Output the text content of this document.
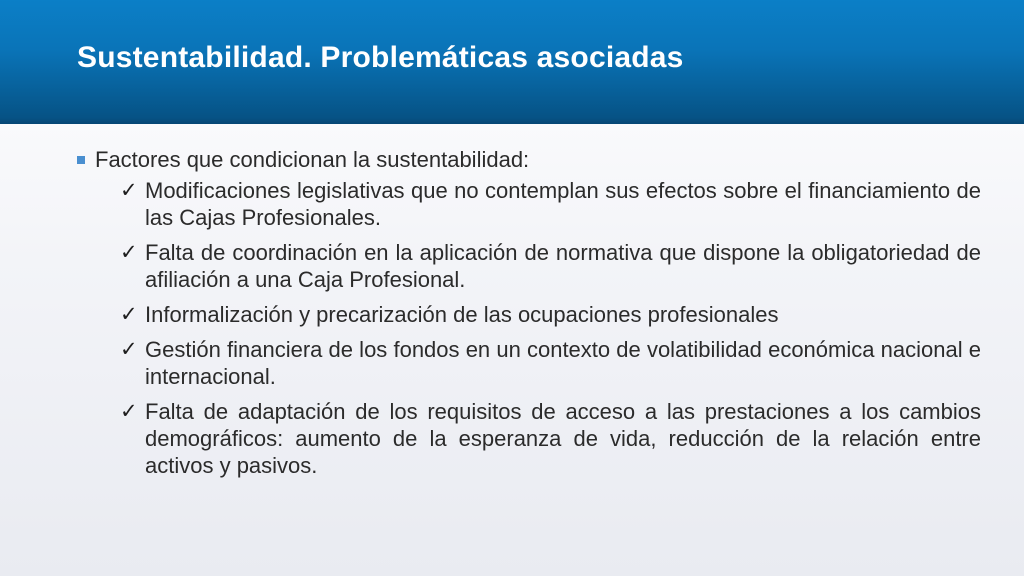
Sustentabilidad. Problemáticas asociadas
Factores que condicionan la sustentabilidad:
✓ Modificaciones legislativas que no contemplan sus efectos sobre el financiamiento de las Cajas Profesionales.
✓ Falta de coordinación en la aplicación de normativa que dispone la obligatoriedad de afiliación a una Caja Profesional.
✓ Informalización y precarización de las ocupaciones profesionales
✓ Gestión financiera de los fondos en un contexto de volatibilidad económica nacional e internacional.
✓ Falta de adaptación de los requisitos de acceso a las prestaciones a los cambios demográficos: aumento de la esperanza de vida, reducción de la relación entre activos y pasivos.
